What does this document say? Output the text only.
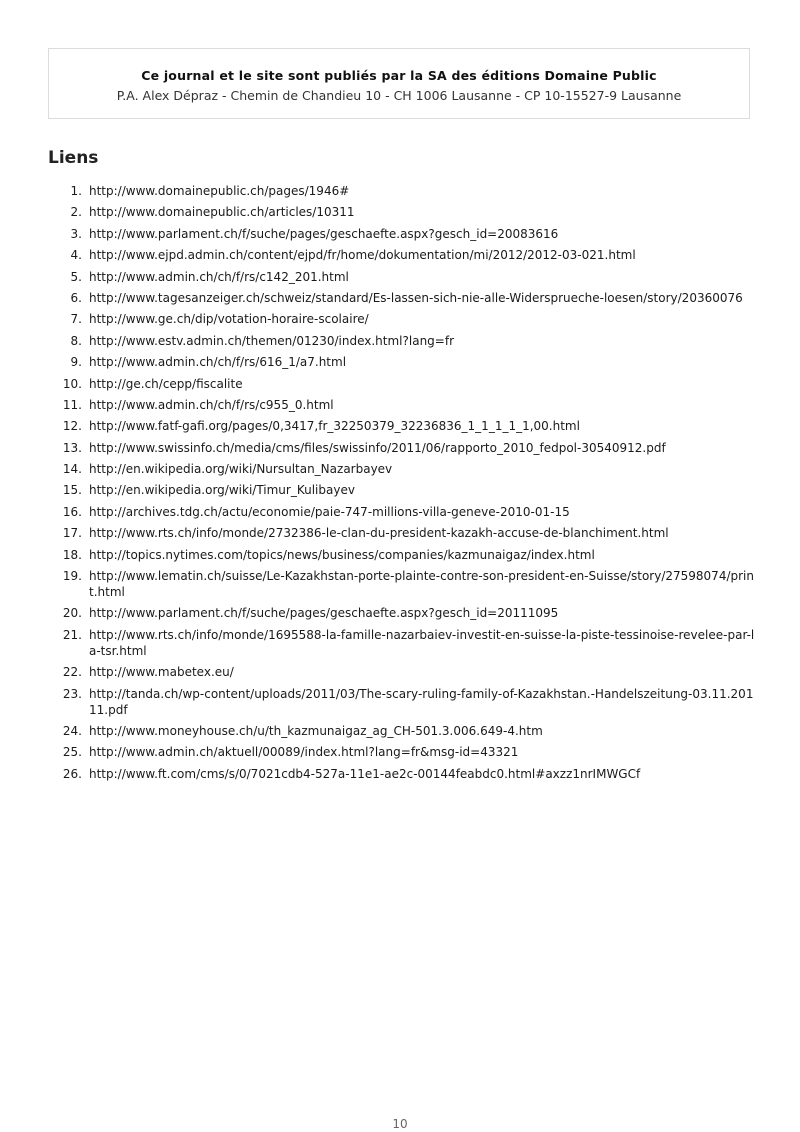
Ce journal et le site sont publiés par la SA des éditions Domaine Public
P.A. Alex Dépraz - Chemin de Chandieu 10 - CH 1006 Lausanne - CP 10-15527-9 Lausanne
Liens
1. http://www.domainepublic.ch/pages/1946#
2. http://www.domainepublic.ch/articles/10311
3. http://www.parlament.ch/f/suche/pages/geschaefte.aspx?gesch_id=20083616
4. http://www.ejpd.admin.ch/content/ejpd/fr/home/dokumentation/mi/2012/2012-03-021.html
5. http://www.admin.ch/ch/f/rs/c142_201.html
6. http://www.tagesanzeiger.ch/schweiz/standard/Es-lassen-sich-nie-alle-Widersprueche-loesen/story/20360076
7. http://www.ge.ch/dip/votation-horaire-scolaire/
8. http://www.estv.admin.ch/themen/01230/index.html?lang=fr
9. http://www.admin.ch/ch/f/rs/616_1/a7.html
10. http://ge.ch/cepp/fiscalite
11. http://www.admin.ch/ch/f/rs/c955_0.html
12. http://www.fatf-gafi.org/pages/0,3417,fr_32250379_32236836_1_1_1_1_1,00.html
13. http://www.swissinfo.ch/media/cms/files/swissinfo/2011/06/rapporto_2010_fedpol-30540912.pdf
14. http://en.wikipedia.org/wiki/Nursultan_Nazarbayev
15. http://en.wikipedia.org/wiki/Timur_Kulibayev
16. http://archives.tdg.ch/actu/economie/paie-747-millions-villa-geneve-2010-01-15
17. http://www.rts.ch/info/monde/2732386-le-clan-du-president-kazakh-accuse-de-blanchiment.html
18. http://topics.nytimes.com/topics/news/business/companies/kazmunaigaz/index.html
19. http://www.lematin.ch/suisse/Le-Kazakhstan-porte-plainte-contre-son-president-en-Suisse/story/27598074/print.html
20. http://www.parlament.ch/f/suche/pages/geschaefte.aspx?gesch_id=20111095
21. http://www.rts.ch/info/monde/1695588-la-famille-nazarbaiev-investit-en-suisse-la-piste-tessinoise-revelee-par-la-tsr.html
22. http://www.mabetex.eu/
23. http://tanda.ch/wp-content/uploads/2011/03/The-scary-ruling-family-of-Kazakhstan.-Handelszeitung-03.11.20111.pdf
24. http://www.moneyhouse.ch/u/th_kazmunaigaz_ag_CH-501.3.006.649-4.htm
25. http://www.admin.ch/aktuell/00089/index.html?lang=fr&msg-id=43321
26. http://www.ft.com/cms/s/0/7021cdb4-527a-11e1-ae2c-00144feabdc0.html#axzz1nrIMWGCf
10
